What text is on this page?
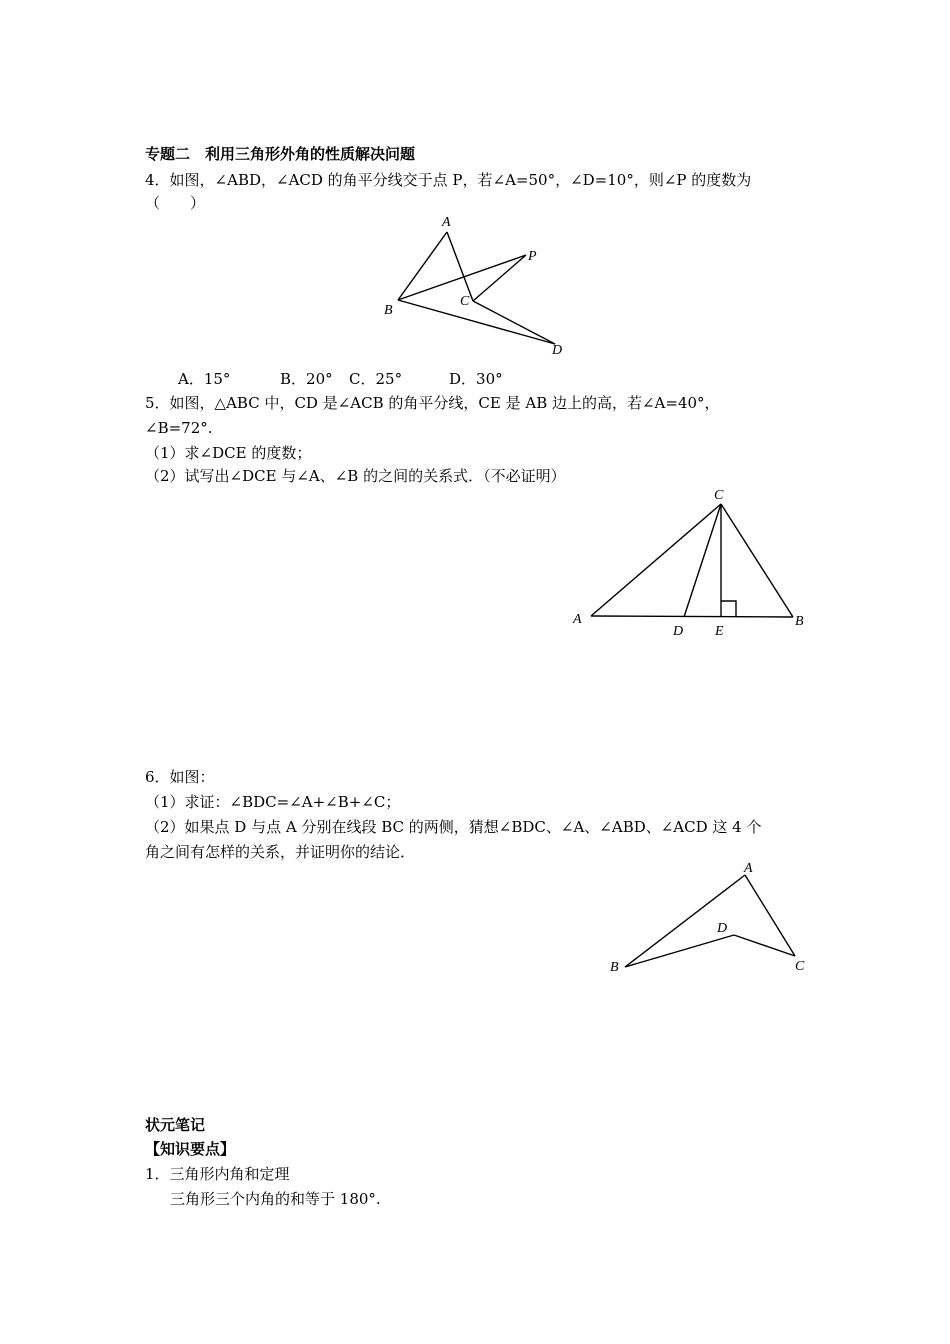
专题二　利用三角形外角的性质解决问题
4．如图，∠ABD，∠ACD 的角平分线交于点 P，若∠A=50°，∠D=10°，则∠P 的度数为
（　　）
A
B
C
D
P
A．15°	B．20° C．25°	D．30°
5．如图，△ABC 中，CD 是∠ACB 的角平分线，CE 是 AB 边上的高，若∠A=40°，
∠B=72°.
（1）求∠DCE 的度数；
（2）试写出∠DCE 与∠A、∠B 的之间的关系式．（不必证明）
C
A
D E
B
6．如图：
（1）求证：∠BDC=∠A+∠B+∠C；
（2）如果点 D 与点 A 分别在线段 BC 的两侧，猜想∠BDC、∠A、∠ABD、∠ACD 这 4 个
角之间有怎样的关系，并证明你的结论．
A
D
B	C
状元笔记
【知识要点】
1．三角形内角和定理
三角形三个内角的和等于 180°.
